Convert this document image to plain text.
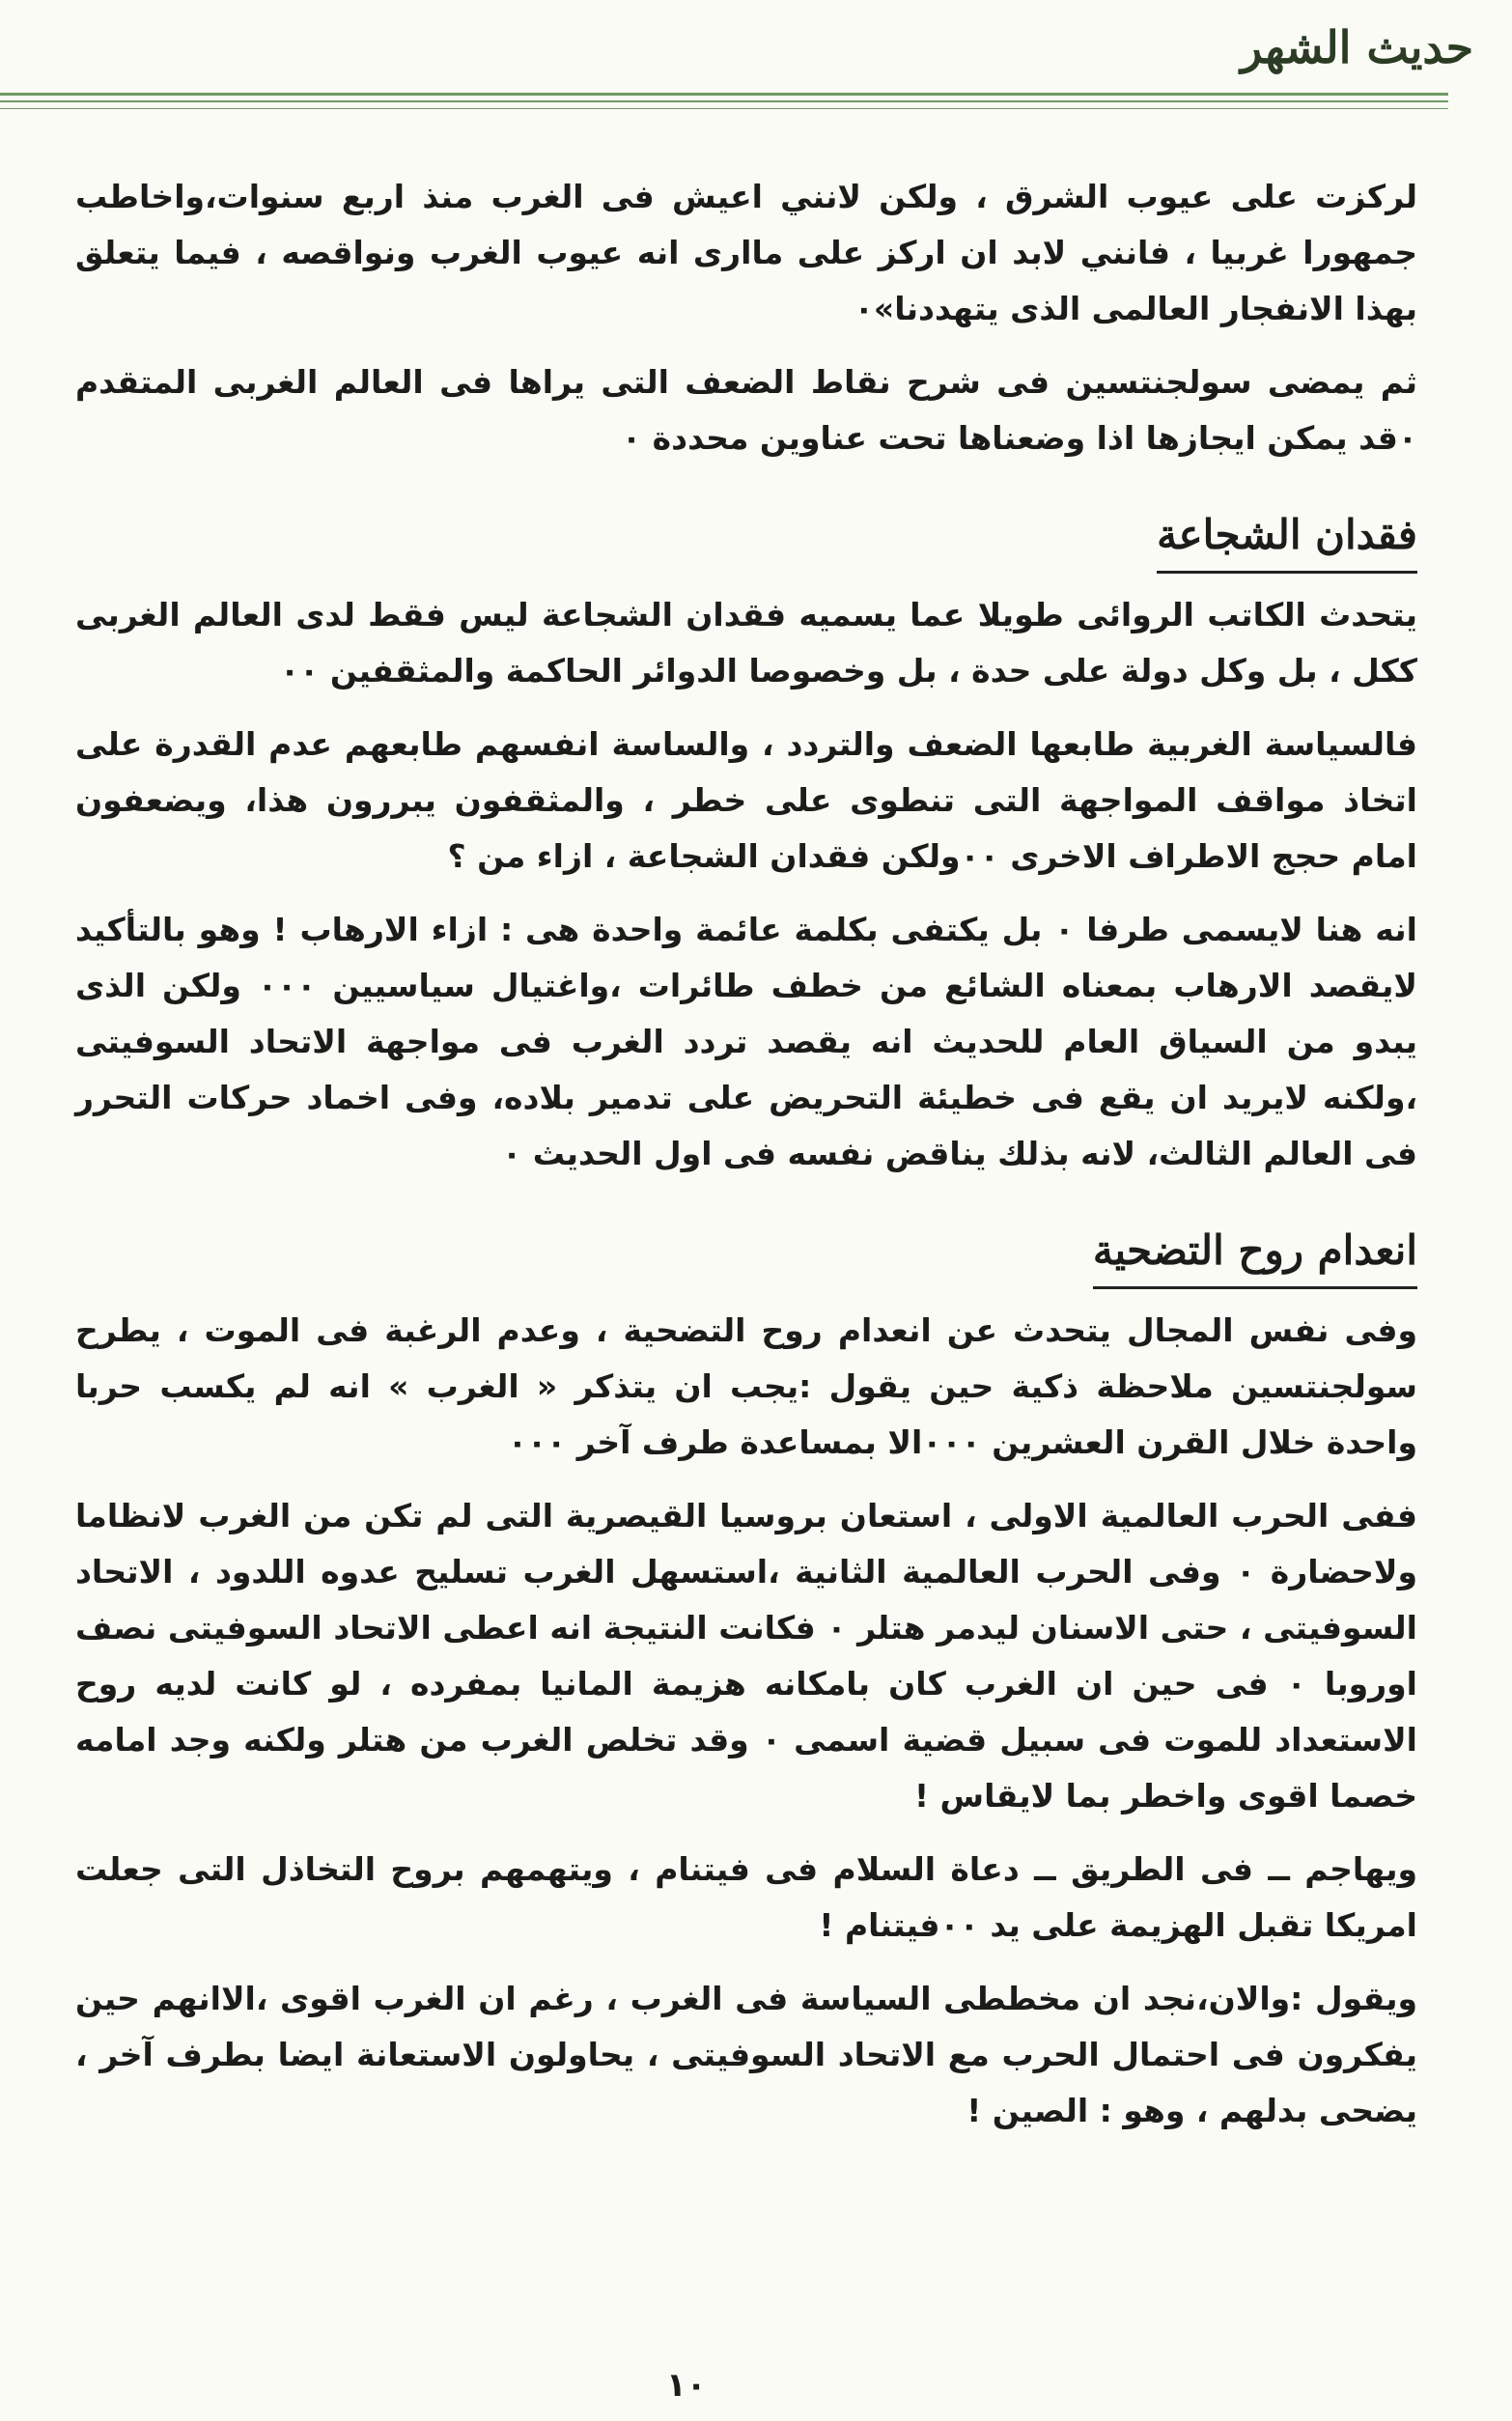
حديث الشهر

لركزت على عيوب الشرق ، ولكن لانني اعيش فى الغرب منذ اربع سنوات،واخاطب جمهورا غربيا ، فانني لابد ان اركز على ماارى انه عيوب الغرب ونواقصه ، فيما يتعلق بهذا الانفجار العالمى الذى يتهددنا»٠

ثم يمضى سولجنتسين فى شرح نقاط الضعف التى يراها فى العالم الغربى المتقدم ٠قد يمكن ايجازها اذا وضعناها تحت عناوين محددة ٠

فقدان الشجاعة

يتحدث الكاتب الروائى طويلا عما يسميه فقدان الشجاعة ليس فقط لدى العالم الغربى ككل ، بل وكل دولة على حدة ، بل وخصوصا الدوائر الحاكمة والمثقفين ٠٠

فالسياسة الغربية طابعها الضعف والتردد ، والساسة انفسهم طابعهم عدم القدرة على اتخاذ مواقف المواجهة التى تنطوى على خطر ، والمثقفون يبررون هذا، ويضعفون امام حجج الاطراف الاخرى ٠٠ولكن فقدان الشجاعة ، ازاء من ؟

انه هنا لايسمى طرفا ٠ بل يكتفى بكلمة عائمة واحدة هى : ازاء الارهاب ! وهو بالتأكيد لايقصد الارهاب بمعناه الشائع من خطف طائرات ،واغتيال سياسيين ٠٠٠ ولكن الذى يبدو من السياق العام للحديث انه يقصد تردد الغرب فى مواجهة الاتحاد السوفيتى ،ولكنه لايريد ان يقع فى خطيئة التحريض على تدمير بلاده، وفى اخماد حركات التحرر فى العالم الثالث، لانه بذلك يناقض نفسه فى اول الحديث ٠

انعدام روح التضحية

وفى نفس المجال يتحدث عن انعدام روح التضحية ، وعدم الرغبة فى الموت ، يطرح سولجنتسين ملاحظة ذكية حين يقول :يجب ان يتذكر « الغرب » انه لم يكسب حربا واحدة خلال القرن العشرين ٠٠٠الا بمساعدة طرف آخر ٠٠٠

ففى الحرب العالمية الاولى ، استعان بروسيا القيصرية التى لم تكن من الغرب لانظاما ولاحضارة ٠ وفى الحرب العالمية الثانية ،استسهل الغرب تسليح عدوه اللدود ، الاتحاد السوفيتى ، حتى الاسنان ليدمر هتلر ٠ فكانت النتيجة انه اعطى الاتحاد السوفيتى نصف اوروبا ٠ فى حين ان الغرب كان بامكانه هزيمة المانيا بمفرده ، لو كانت لديه روح الاستعداد للموت فى سبيل قضية اسمى ٠ وقد تخلص الغرب من هتلر ولكنه وجد امامه خصما اقوى واخطر بما لايقاس !

ويهاجم ــ فى الطريق ــ دعاة السلام فى فيتنام ، ويتهمهم بروح التخاذل التى جعلت امريكا تقبل الهزيمة على يد ٠٠فيتنام !

ويقول :والان،نجد ان مخططى السياسة فى الغرب ، رغم ان الغرب اقوى ،الاانهم حين يفكرون فى احتمال الحرب مع الاتحاد السوفيتى ، يحاولون الاستعانة ايضا بطرف آخر ، يضحى بدلهم ، وهو : الصين !

١٠
